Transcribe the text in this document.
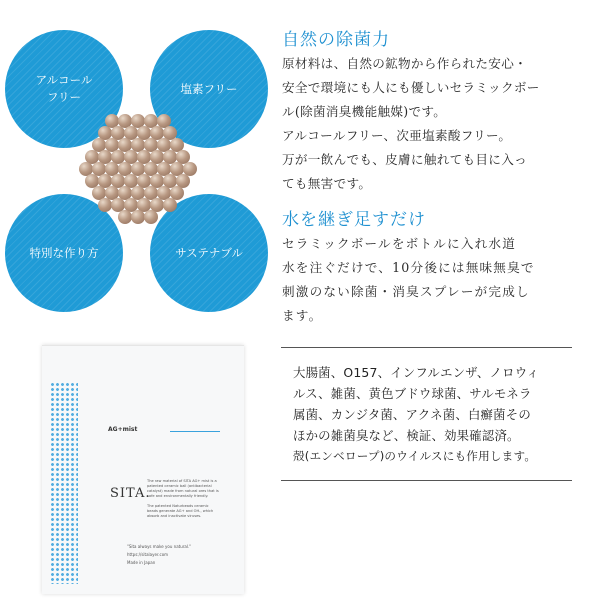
アルコール
フリー
塩素フリー
特別な作り方	サステナブル
自然の除菌力
原材料は、自然の鉱物から作られた安心・
安全で環境にも人にも優しいセラミックボー
ル(除菌消臭機能触媒)です。
アルコールフリー、次亜塩素酸フリー。
万が一飲んでも、皮膚に触れても目に入っ
ても無害です。
水を継ぎ足すだけ
セラミックボールをボトルに入れ水道
水を注ぐだけで、10分後には無味無臭で
刺激のない除菌・消臭スプレーが完成し
ます。
AG+mist
SITA.
The raw material of SITA AG+ mist is a
patented ceramic ball (antibacterial
catalyst) made from natural ores that is
safe and environmentally friendly.
The patented Naturbeads ceramic
beads generate AG+ and OH-, which
absorb and inactivate viruses.
"Sita always make you natural."
https://sitalayer.com
Made in Japan
大腸菌、O157、インフルエンザ、ノロウィ
ルス、雑菌、黄色ブドウ球菌、サルモネラ
属菌、カンジタ菌、アクネ菌、白癬菌その
ほかの雑菌臭など、検証、効果確認済。
殻(エンベロープ)のウイルスにも作用します。
